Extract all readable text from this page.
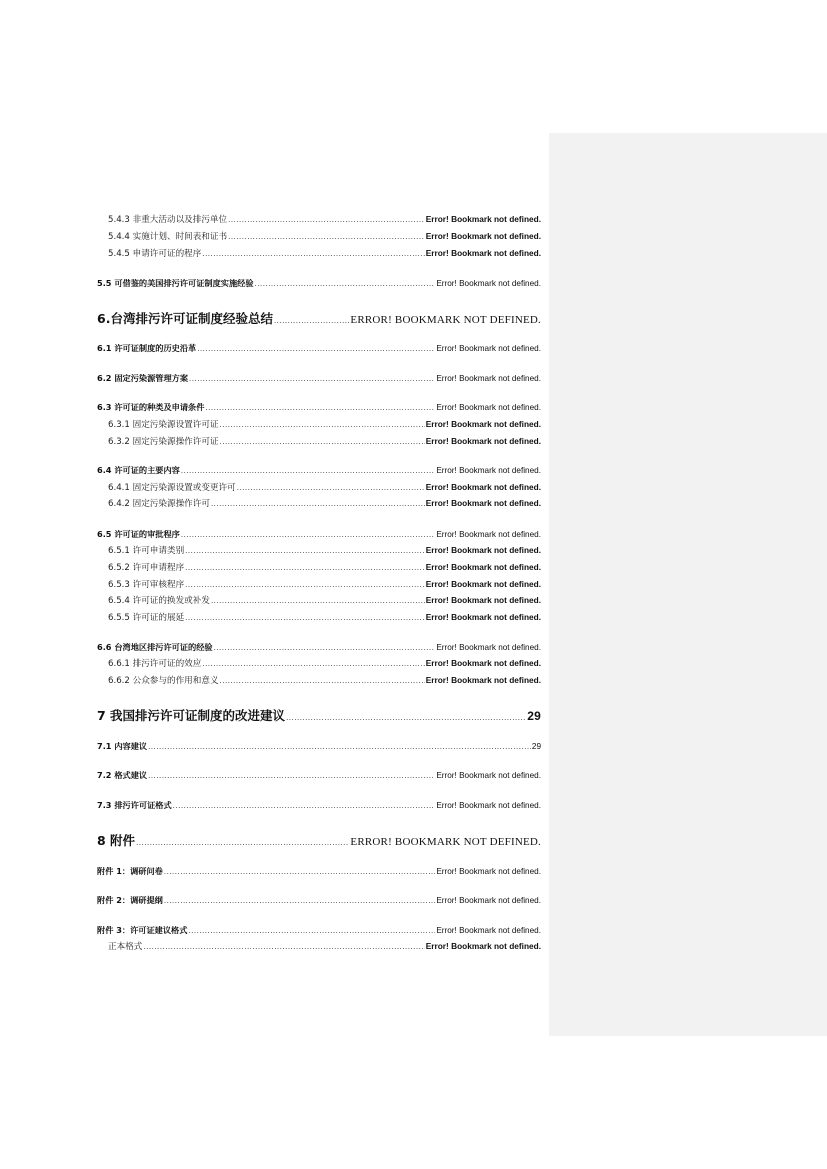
5.4.3 非重大活动以及排污单位 .....	Error! Bookmark not defined.
5.4.4 实施计划、时间表和证书 .....	Error! Bookmark not defined.
5.4.5 申请许可证的程序 .....	Error! Bookmark not defined.
5.5 可借鉴的美国排污许可证制度实施经验 .....	Error! Bookmark not defined.
6.台湾排污许可证制度经验总结 .....	ERROR! BOOKMARK NOT DEFINED.
6.1 许可证制度的历史沿革 .....	Error! Bookmark not defined.
6.2 固定污染源管理方案 .....	Error! Bookmark not defined.
6.3 许可证的种类及申请条件 .....	Error! Bookmark not defined.
6.3.1 固定污染源设置许可证 .....	Error! Bookmark not defined.
6.3.2 固定污染源操作许可证 .....	Error! Bookmark not defined.
6.4 许可证的主要内容 .....	Error! Bookmark not defined.
6.4.1 固定污染源设置或变更许可 .....	Error! Bookmark not defined.
6.4.2 固定污染源操作许可 .....	Error! Bookmark not defined.
6.5 许可证的审批程序 .....	Error! Bookmark not defined.
6.5.1 许可申请类别 .....	Error! Bookmark not defined.
6.5.2 许可申请程序 .....	Error! Bookmark not defined.
6.5.3 许可审核程序 .....	Error! Bookmark not defined.
6.5.4 许可证的换发或补发 .....	Error! Bookmark not defined.
6.5.5 许可证的展延 .....	Error! Bookmark not defined.
6.6 台湾地区排污许可证的经验 .....	Error! Bookmark not defined.
6.6.1 排污许可证的效应 .....	Error! Bookmark not defined.
6.6.2 公众参与的作用和意义 .....	Error! Bookmark not defined.
7 我国排污许可证制度的改进建议 .....	29
7.1 内容建议 .....	29
7.2 格式建议 .....	Error! Bookmark not defined.
7.3 排污许可证格式 .....	Error! Bookmark not defined.
8 附件 .....	ERROR! BOOKMARK NOT DEFINED.
附件 1：调研问卷 .....	Error! Bookmark not defined.
附件 2：调研提纲 .....	Error! Bookmark not defined.
附件 3：许可证建议格式 .....	Error! Bookmark not defined.
正本格式 .....	Error! Bookmark not defined.
